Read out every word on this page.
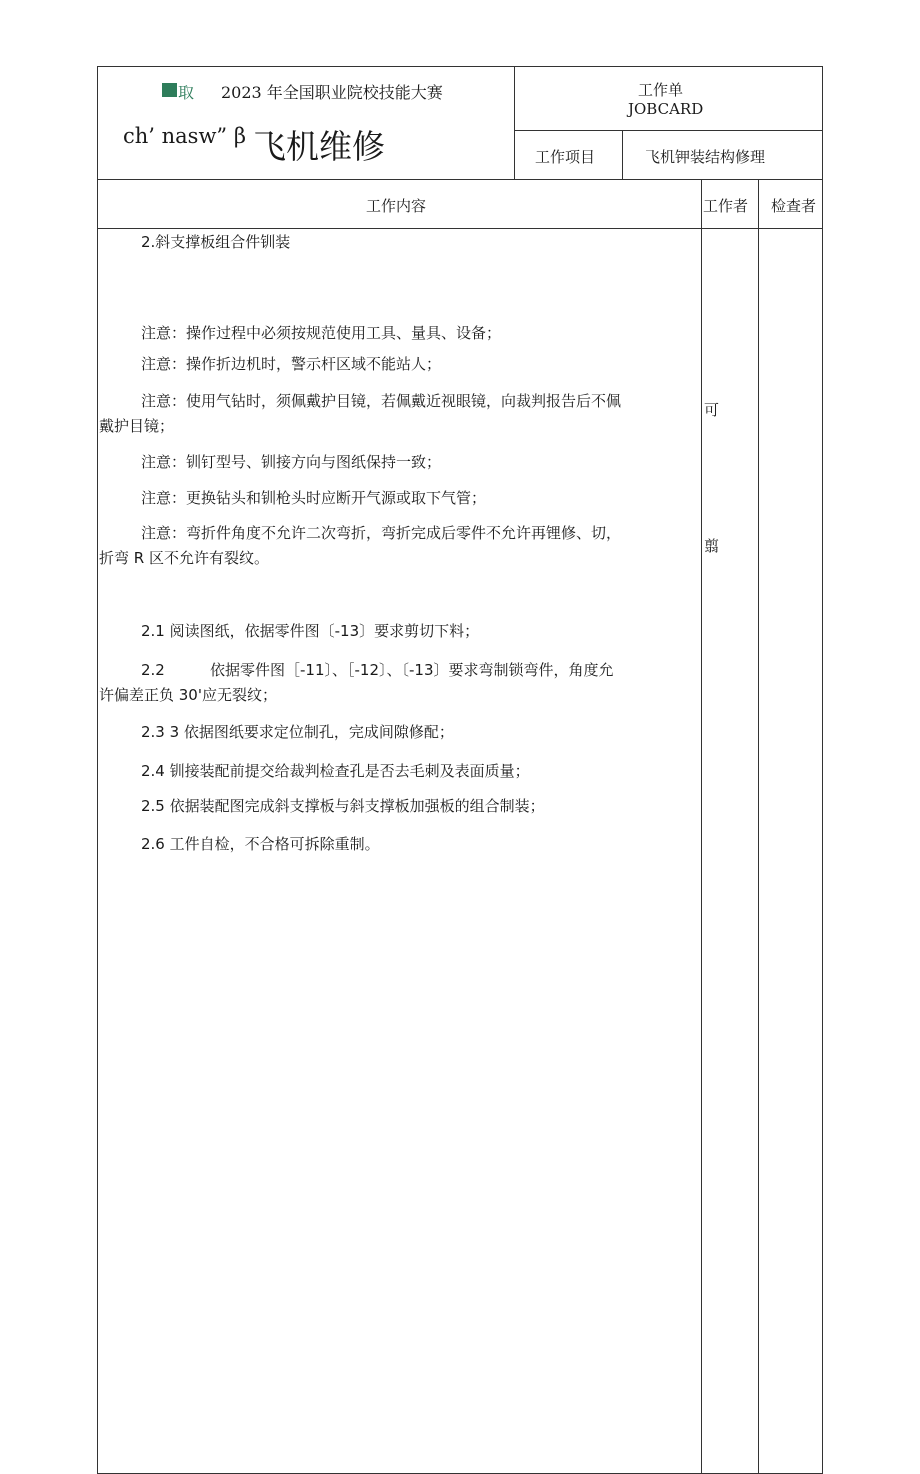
取 2023 年全国职业院校技能大赛
ch’ nasw” β 飞机维修
工作单
JOBCARD
工作项目	飞机钾装结构修理
工作内容	工作者 检查者
2.斜支撑板组合件钏装
注意：操作过程中必须按规范使用工具、量具、设备；
注意：操作折边机时，警示杆区域不能站人；
注意：使用气钻时，须佩戴护目镜，若佩戴近视眼镜，向裁判报告后不佩
戴护目镜；
注意：钏钉型号、钏接方向与图纸保持一致；
注意：更换钻头和钏枪头时应断开气源或取下气管；
注意：弯折件角度不允许二次弯折，弯折完成后零件不允许再锂修、切，
折弯 R 区不允许有裂纹。
2.1 阅读图纸，依据零件图〔-13〕要求剪切下料；
2.2	依据零件图［-11〕、［-12〕、〔-13〕要求弯制锁弯件，角度允
许偏差正负 30'应无裂纹；
2.3 3 依据图纸要求定位制孔，完成间隙修配；
2.4 钏接装配前提交给裁判检查孔是否去毛刺及表面质量；
2.5 依据装配图完成斜支撑板与斜支撑板加强板的组合制装；
2.6 工件自检，不合格可拆除重制。
可
翦
